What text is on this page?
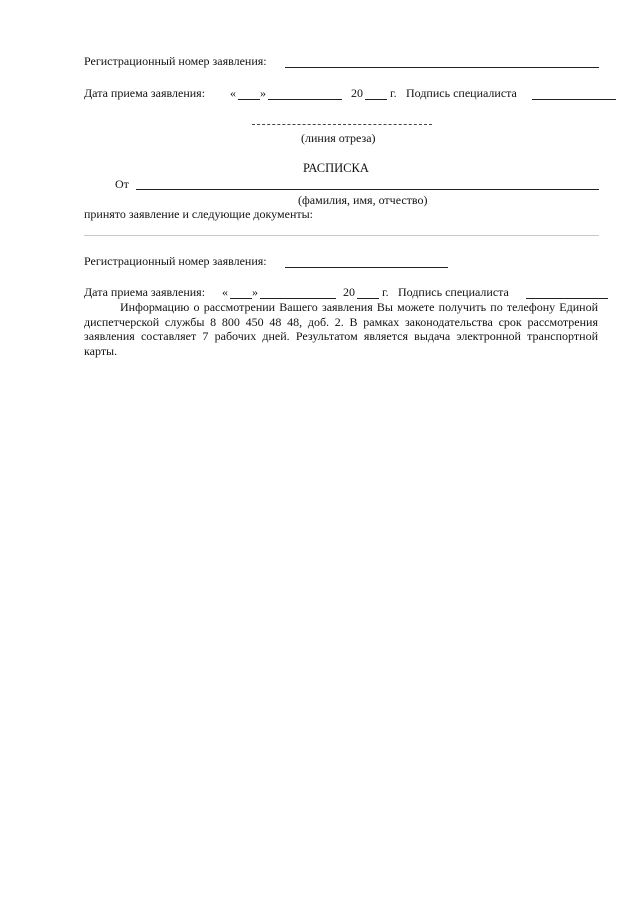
Регистрационный номер заявления:
Дата приема заявления: « »	20 г. Подпись специалиста
(линия отреза)
РАСПИСКА
От
(фамилия, имя, отчество)
принято заявление и следующие документы:
Регистрационный номер заявления:
Дата приема заявления: « »	20 г. Подпись специалиста
Информацию о рассмотрении Вашего заявления Вы можете получить по телефону Единой диспетчерской службы 8 800 450 48 48, доб. 2. В рамках законодательства срок рассмотрения заявления составляет 7 рабочих дней. Результатом является выдача электронной транспортной карты.
